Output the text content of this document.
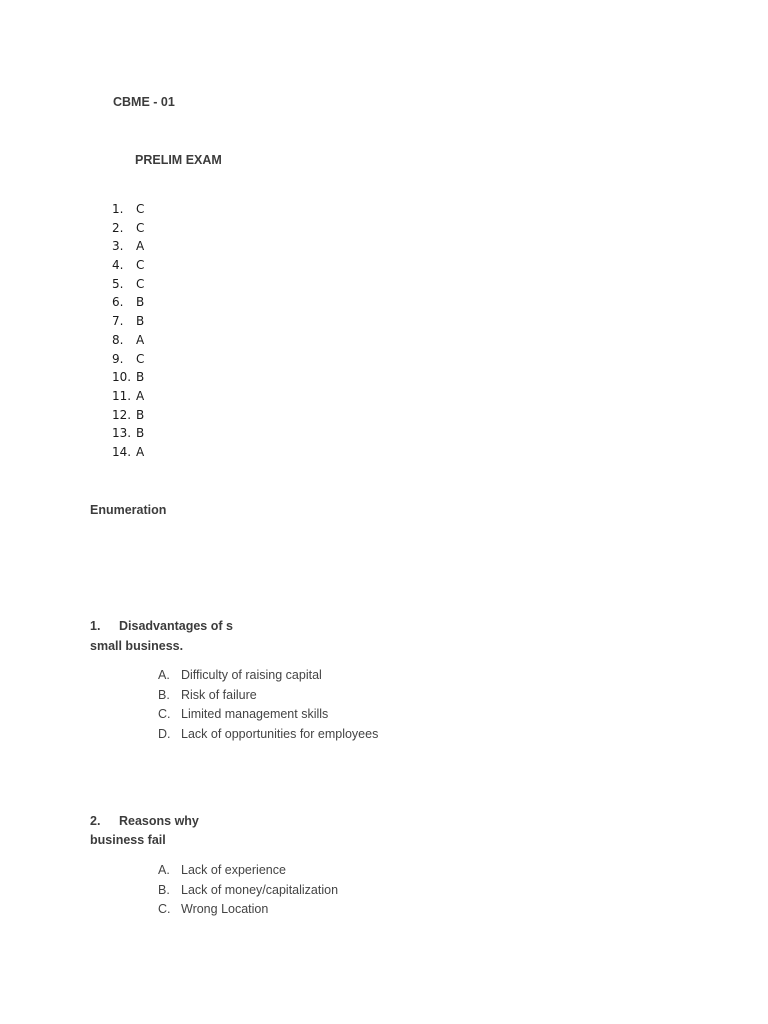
CBME - 01
PRELIM EXAM
1.	C
2.	C
3.	A
4.	C
5.	C
6.	B
7.	B
8.	A
9.	C
10. B
11. A
12. B
13. B
14. A
Enumeration
1. Disadvantages of s
small business.
A. Difficulty of raising capital
B. Risk of failure
C. Limited management skills
D. Lack of opportunities for employees
2. Reasons why
business fail
A. Lack of experience
B. Lack of money/capitalization
C. Wrong Location
